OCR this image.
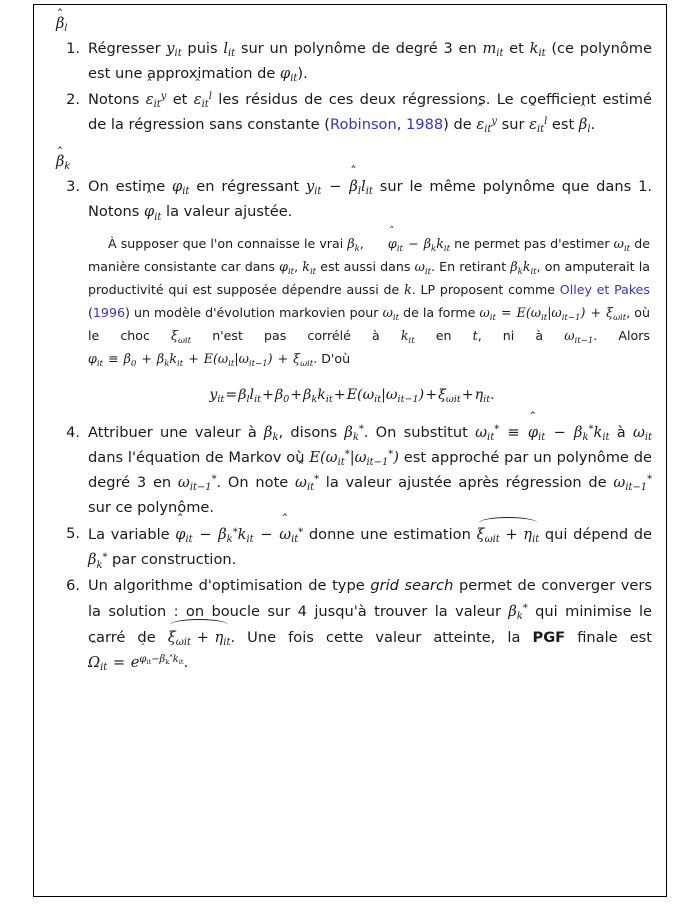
ˆ $\beta_l$
1. Régresser $y_{it}$ puis $l_{it}$ sur un polynôme de degré 3 en $m_{it}$ et $k_{it}$ (ce polynôme est une approximation de $\varphi_{it}$).
2. Notons ˆ $\varepsilon_{it}^y$ et ˆ $\varepsilon_{it}^l$ les résidus de ces deux régressions. Le coefficient estimé de la régression sans constante (Robinson, 1988) de ˆ $\varepsilon_{it}^y$ sur ˆ $\varepsilon_{it}^l$ est ˆ $\beta_l$.
ˆ $\beta_k$
3. On estime $\varphi_{it}$ en régressant $y_{it}$ − ˆ $\beta_ll_{it}$ sur le même polynôme que dans 1. Notons ˆ $\varphi_{it}$ la valeur ajustée.

À supposer que l'on connaisse le vrai $\beta_k$, ˆ $\varphi_{it} - \beta_kk_{it}$ ne permet pas d'estimer $\omega_{it}$ de manière consistante car dans $\varphi_{it}$, $k_{it}$ est aussi dans $\omega_{it}$. En retirant $\beta_kk_{it}$, on amputerait la productivité qui est supposée dépendre aussi de k. LP proposent comme Olley et Pakes (1996) un modèle d'évolution markovien pour $\omega_{it}$ de la forme $\omega_{it} = E(\omega_{it}|\omega_{it-1}) + \xi_{\omega it}$, où le choc $\xi_{\omega it}$ n'est pas corrélé à $k_{it}$ en t, ni à $\omega_{it-1}$. Alors $\varphi_{it} \equiv \beta_0 + \beta_kk_{it} + E(\omega_{it}|\omega_{it-1}) + \xi_{\omega it}$. D'où

$y_{it}=\beta_ll_{it}+\beta_0+\beta_kk_{it}+E(\omega_{it}|\omega_{it-1})+\xi_{\omega it}+\eta_{it}$.
4. Attribuer une valeur à $\beta_k$, disons $\beta_k^*$. On substitut $\omega_{it}^*$ ≡ ˆ $\varphi_{it} - \beta_k^*k_{it}$ à $\omega_{it}$ dans l'équation de Markov où $E(\omega_{it}^*|\omega_{it-1}^*)$ est approché par un polynôme de degré 3 en $\omega_{it-1}^*$. On note ˆ $\omega_{it}^*$ la valeur ajustée après régression de $\omega_{it-1}^*$ sur ce polynôme.
5. La variable ˆ $\varphi_{it} - \beta_k^*k_{it}$ − ˆ $\omega_{it}^*$ donne une estimation $\xi_{\omega it} + \eta_{it}$ qui dépend de $\beta_k^*$ par construction.
6. Un algorithme d'optimisation de type grid search permet de converger vers la solution : on boucle sur 4 jusqu'à trouver la valeur $\beta_k^*$ qui minimise le carré de $\xi_{\omega it} + \eta_{it}$. Une fois cette valeur atteinte, la PGF finale est ˆ $\Omega_{it}$ = eˆ $^{\varphi_{it}-\beta_k^*k_{it}}$.
